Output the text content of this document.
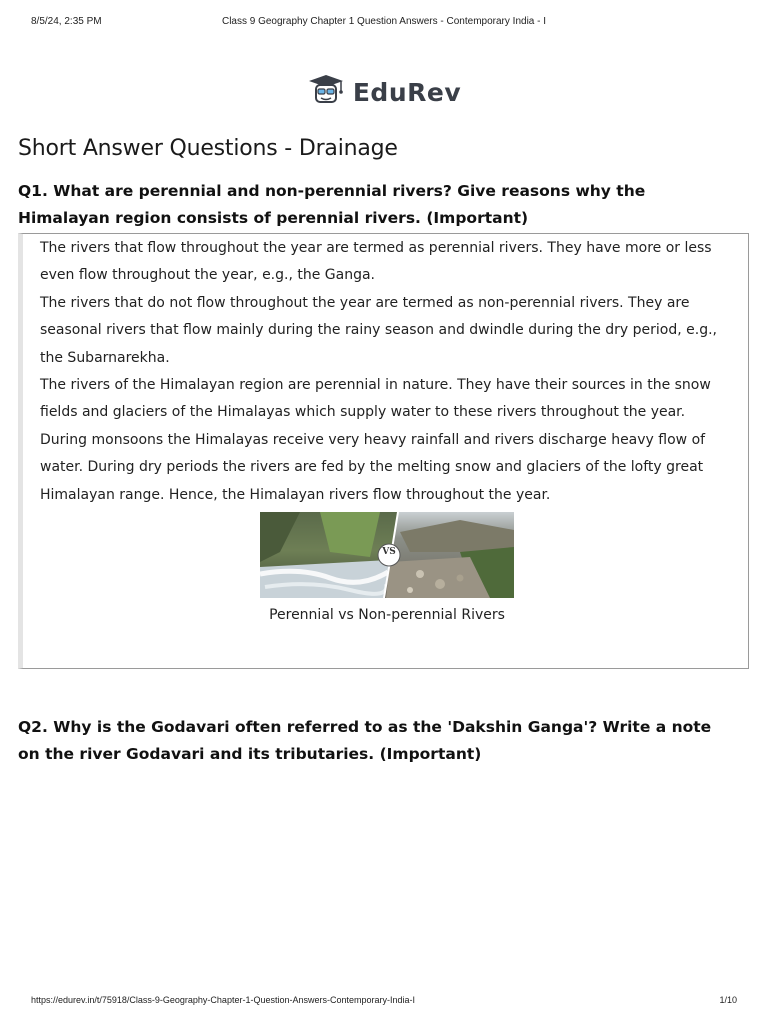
8/5/24, 2:35 PM	Class 9 Geography Chapter 1 Question Answers - Contemporary India - I
EduRev
Short Answer Questions - Drainage

Q1. What are perennial and non-perennial rivers? Give reasons why the Himalayan region consists of perennial rivers. (Important)

The rivers that flow throughout the year are termed as perennial rivers. They have more or less even flow throughout the year, e.g., the Ganga.

The rivers that do not flow throughout the year are termed as non-perennial rivers. They are seasonal rivers that flow mainly during the rainy season and dwindle during the dry period, e.g., the Subarnarekha.

The rivers of the Himalayan region are perennial in nature. They have their sources in the snow fields and glaciers of the Himalayas which supply water to these rivers throughout the year. During monsoons the Himalayas receive very heavy rainfall and rivers discharge heavy flow of water. During dry periods the rivers are fed by the melting snow and glaciers of the lofty great Himalayan range. Hence, the Himalayan rivers flow throughout the year.

VS
Perennial vs Non-perennial Rivers

Q2. Why is the Godavari often referred to as the 'Dakshin Ganga'? Write a note on the river Godavari and its tributaries. (Important)

https://edurev.in/t/75918/Class-9-Geography-Chapter-1-Question-Answers-Contemporary-India-I	1/10
